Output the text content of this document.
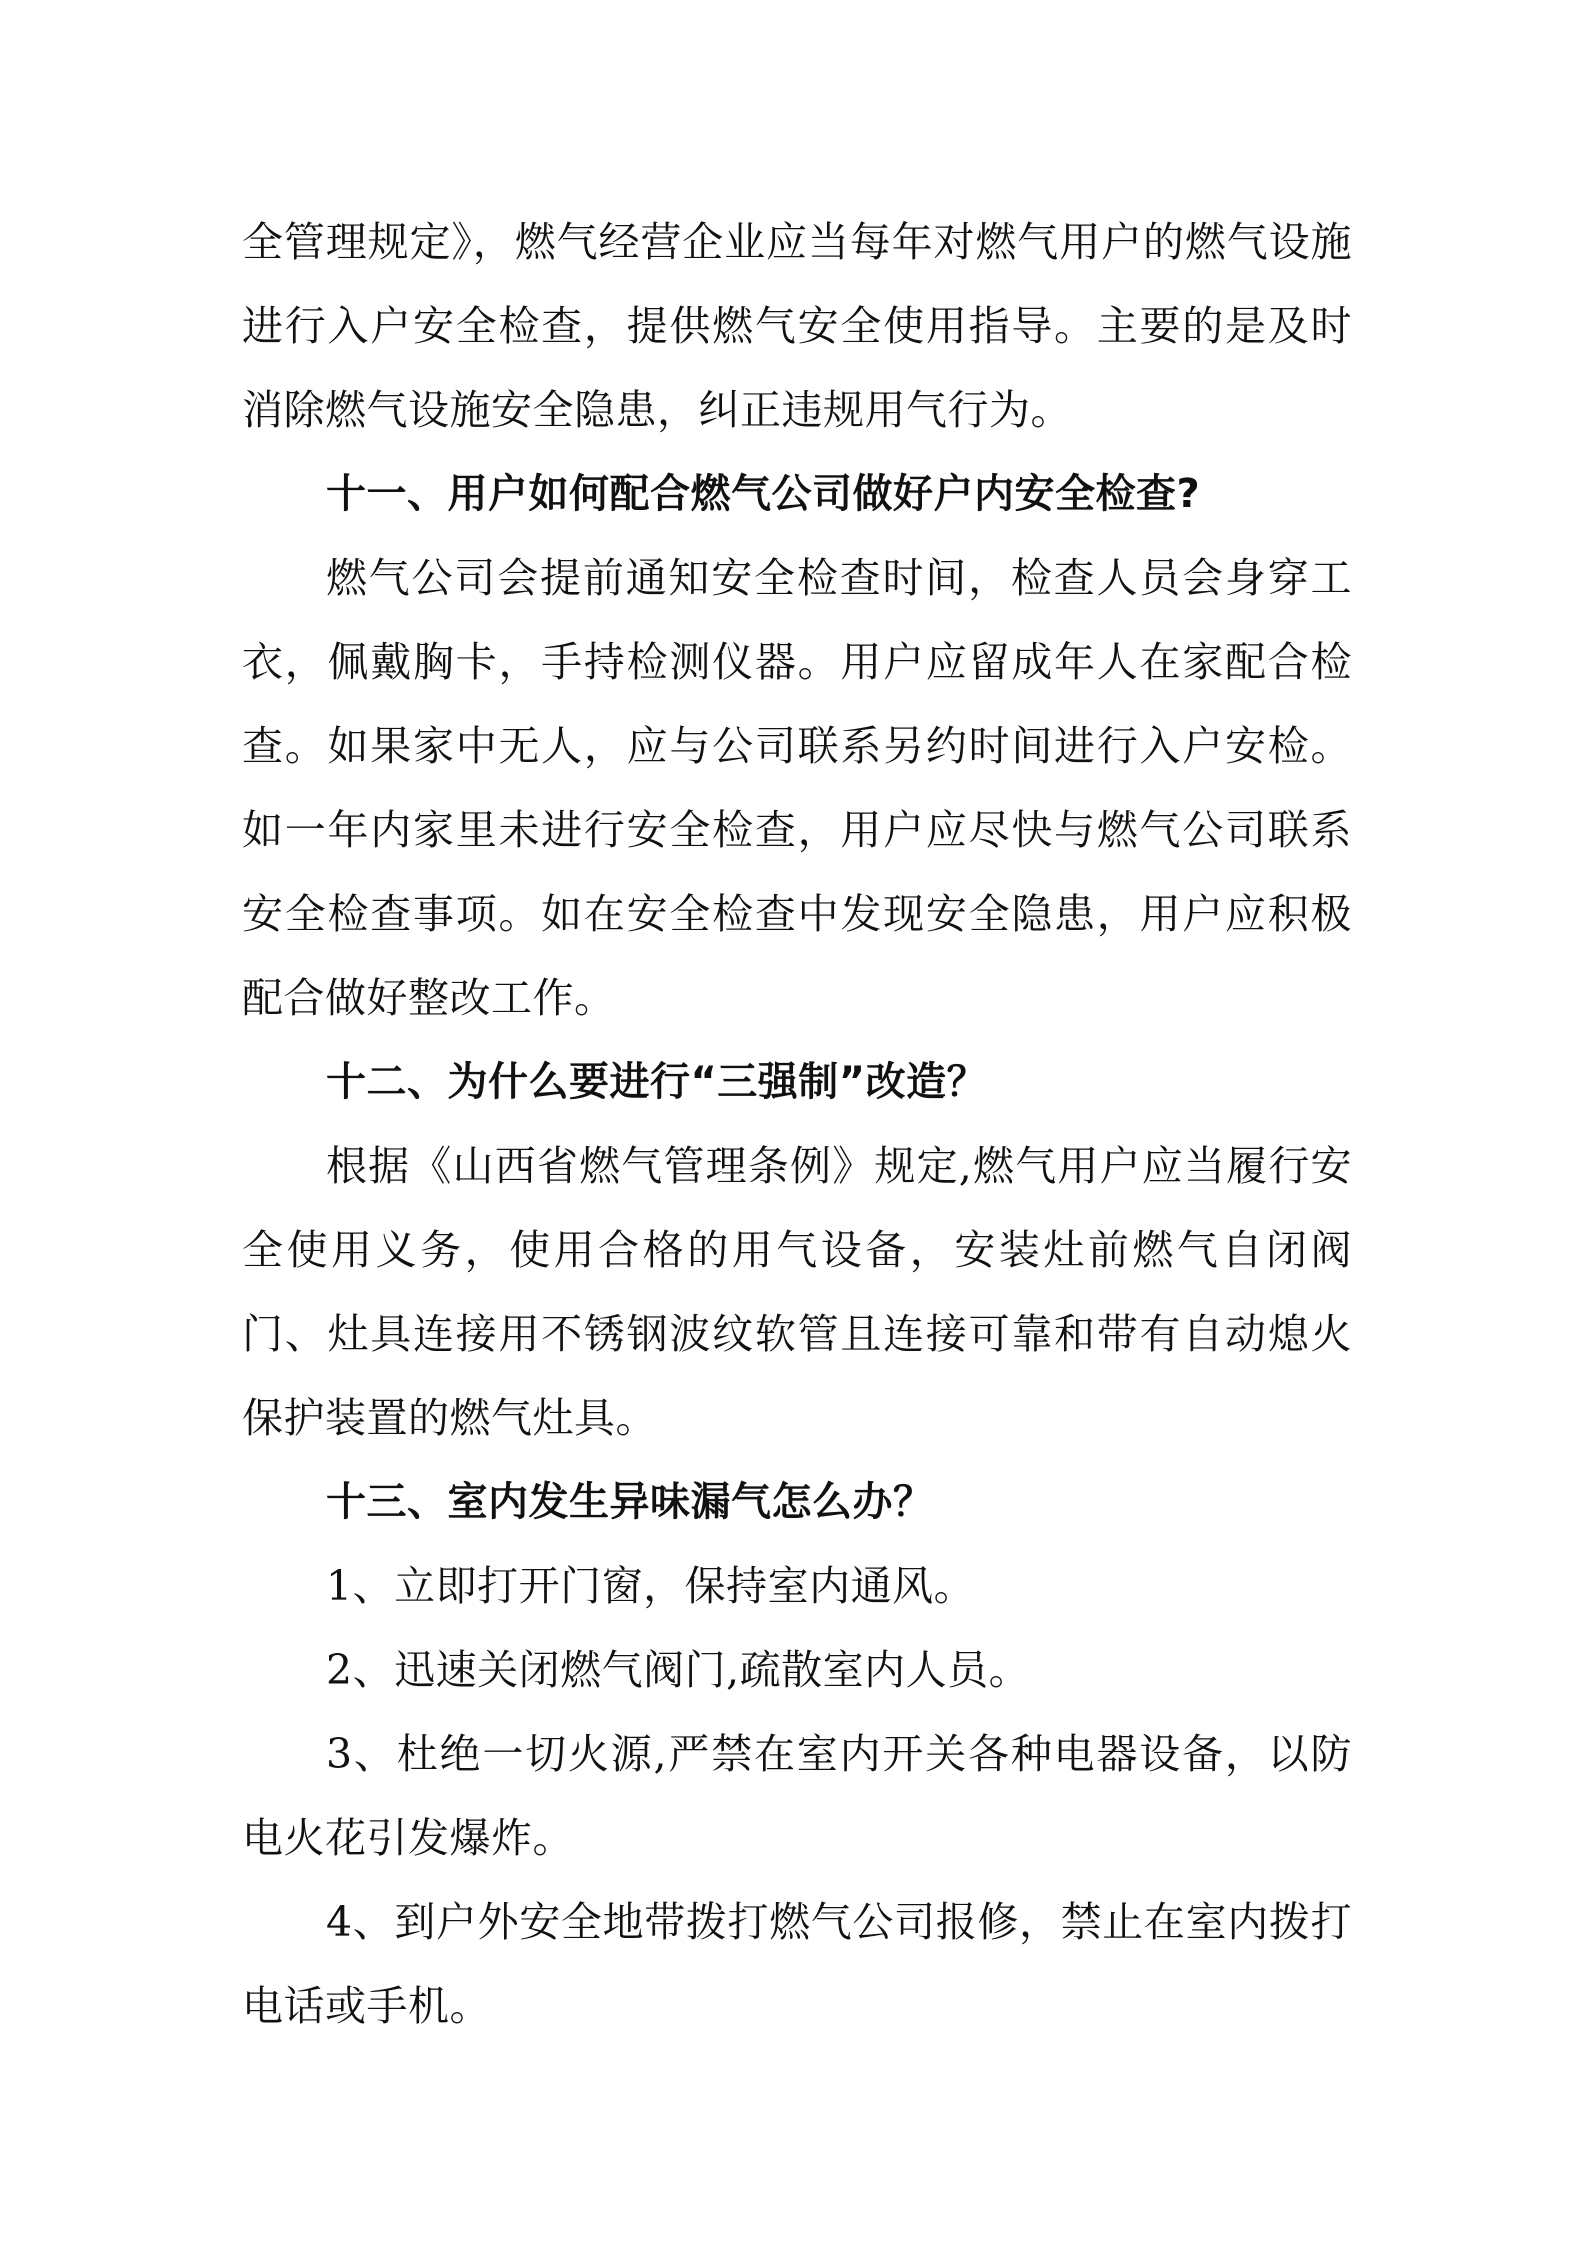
全管理规定》，燃气经营企业应当每年对燃气用户的燃气设施进行入户安全检查，提供燃气安全使用指导。主要的是及时消除燃气设施安全隐患，纠正违规用气行为。

十一、用户如何配合燃气公司做好户内安全检查?

燃气公司会提前通知安全检查时间，检查人员会身穿工衣，佩戴胸卡，手持检测仪器。用户应留成年人在家配合检查。如果家中无人，应与公司联系另约时间进行入户安检。如一年内家里未进行安全检查，用户应尽快与燃气公司联系安全检查事项。如在安全检查中发现安全隐患，用户应积极配合做好整改工作。

十二、为什么要进行“三强制”改造？

根据《山西省燃气管理条例》规定,燃气用户应当履行安全使用义务，使用合格的用气设备，安装灶前燃气自闭阀门、灶具连接用不锈钢波纹软管且连接可靠和带有自动熄火保护装置的燃气灶具。

十三、室内发生异味漏气怎么办？

1、立即打开门窗，保持室内通风。

2、迅速关闭燃气阀门,疏散室内人员。

3、杜绝一切火源,严禁在室内开关各种电器设备，以防电火花引发爆炸。

4、到户外安全地带拨打燃气公司报修，禁止在室内拨打电话或手机。
